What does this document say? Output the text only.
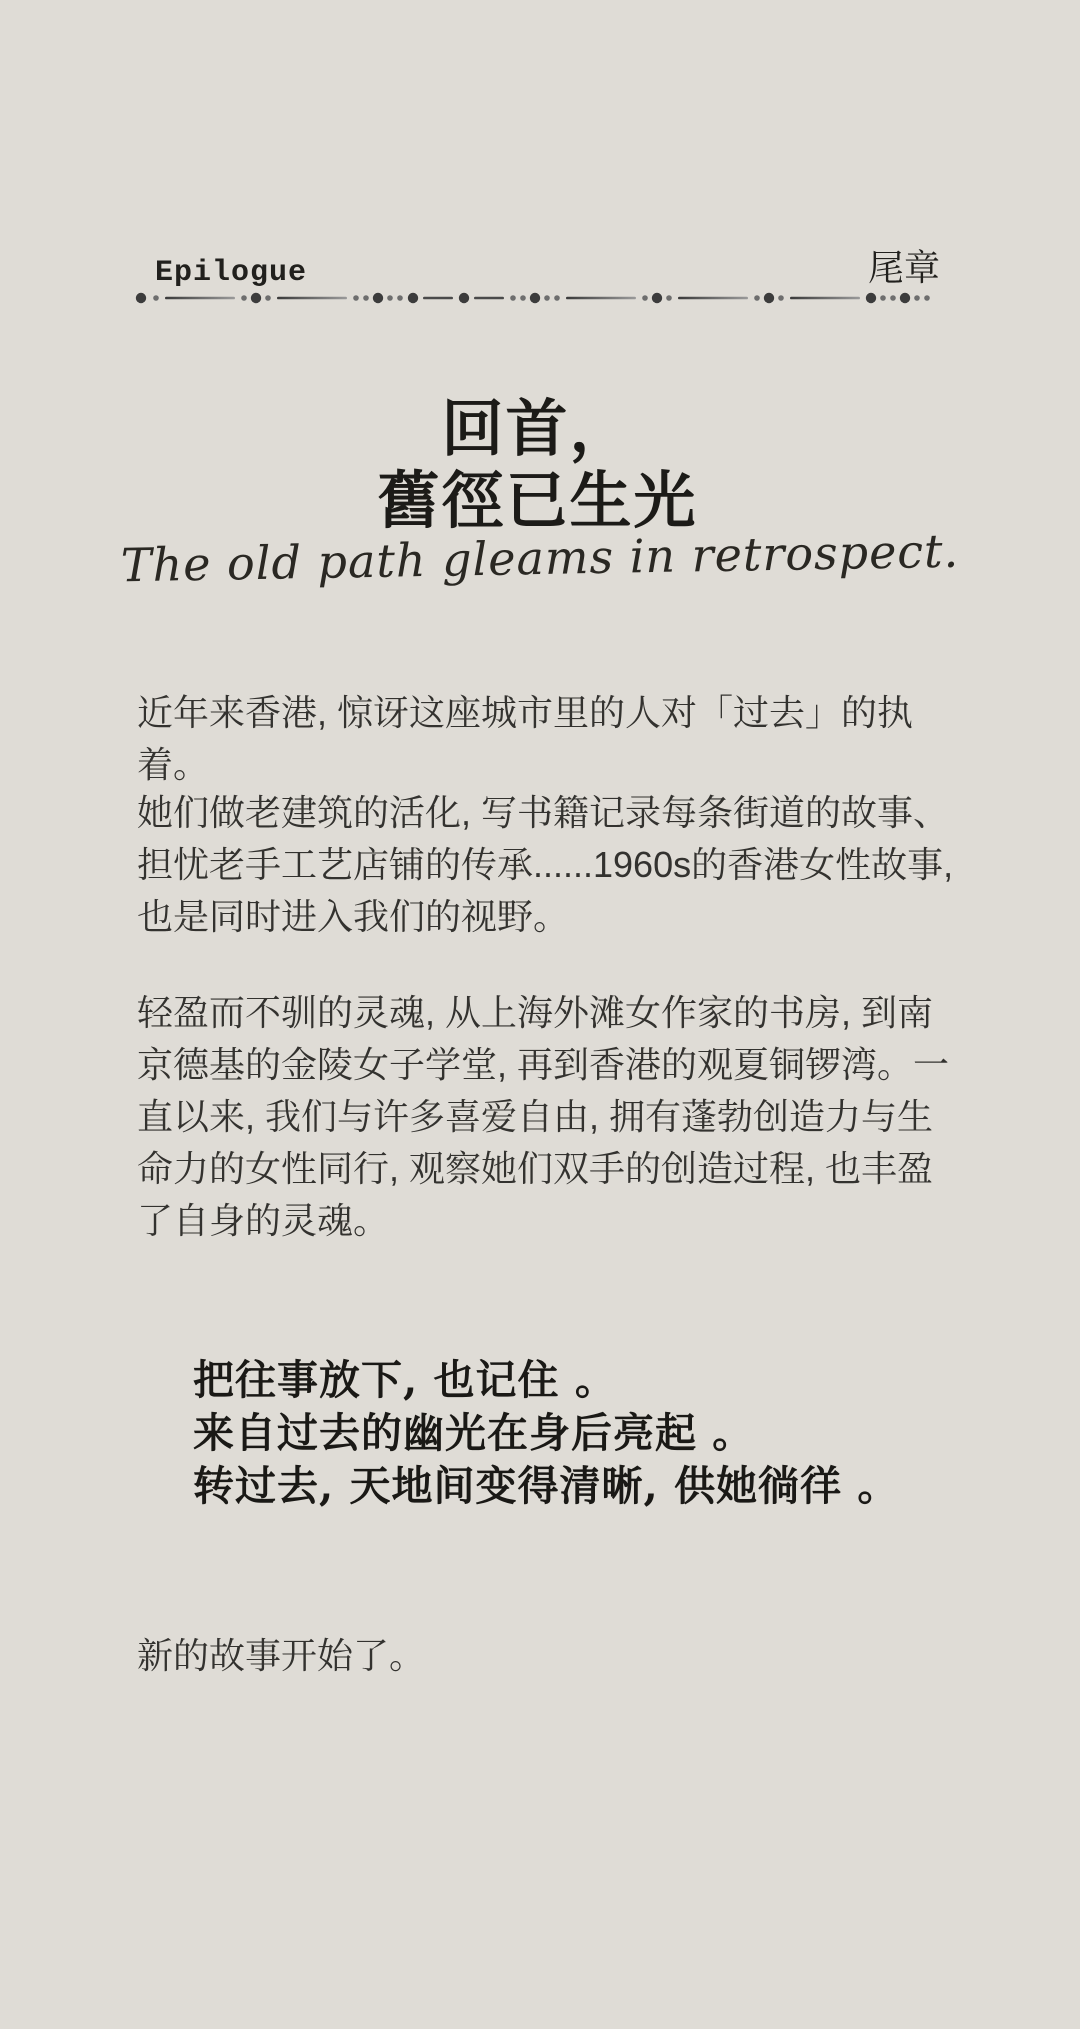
Epilogue	尾章
回首，
舊徑已生光
The old path gleams in retrospect.
近年来香港, 惊讶这座城市里的人对「过去」的执着。
她们做老建筑的活化, 写书籍记录每条街道的故事、
担忧老手工艺店铺的传承......1960s的香港女性故事,
也是同时进入我们的视野。
轻盈而不驯的灵魂, 从上海外滩女作家的书房, 到南
京德基的金陵女子学堂, 再到香港的观夏铜锣湾。一
直以来, 我们与许多喜爱自由, 拥有蓬勃创造力与生
命力的女性同行, 观察她们双手的创造过程, 也丰盈
了自身的灵魂。
把往事放下, 也记住 。
来自过去的幽光在身后亮起 。
转过去, 天地间变得清晰, 供她徜徉 。
新的故事开始了。
